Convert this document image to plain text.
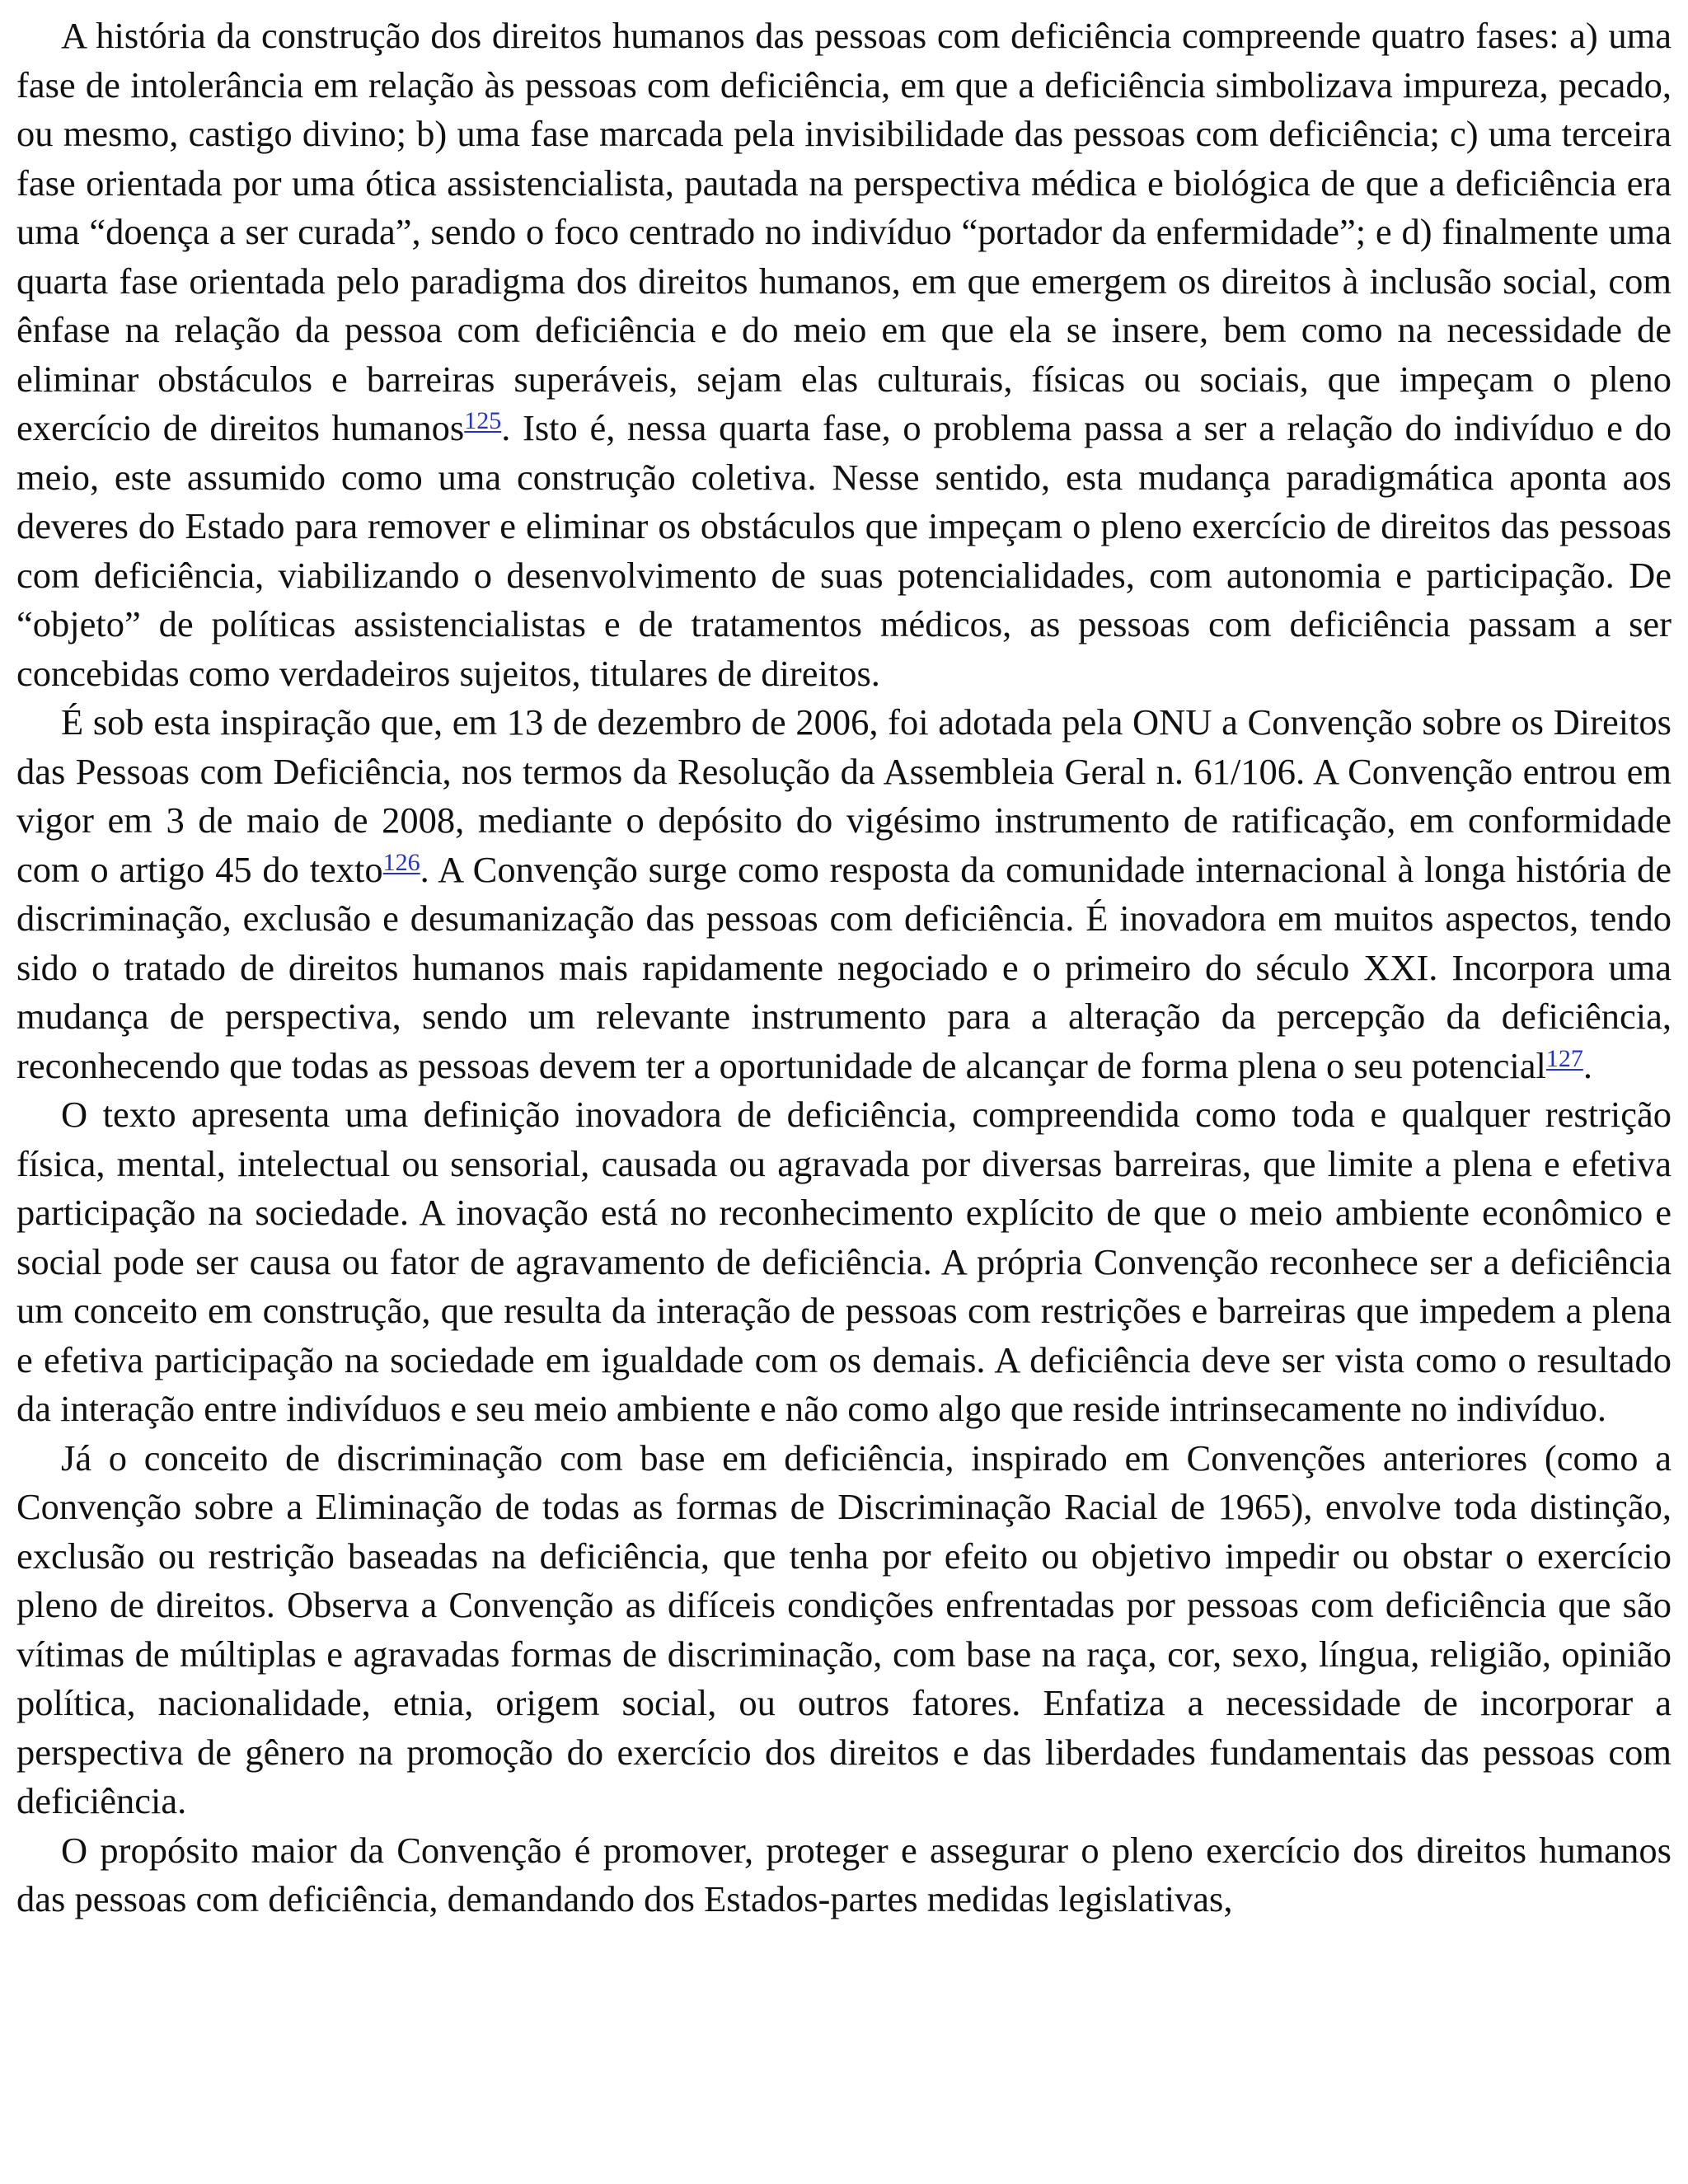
A história da construção dos direitos humanos das pessoas com deficiência compreende quatro fases: a) uma fase de intolerância em relação às pessoas com deficiência, em que a deficiência simbolizava impureza, pecado, ou mesmo, castigo divino; b) uma fase marcada pela invisibilidade das pessoas com deficiência; c) uma terceira fase orientada por uma ótica assistencialista, pautada na perspectiva médica e biológica de que a deficiência era uma “doença a ser curada”, sendo o foco centrado no indivíduo “portador da enfermidade”; e d) finalmente uma quarta fase orientada pelo paradigma dos direitos humanos, em que emergem os direitos à inclusão social, com ênfase na relação da pessoa com deficiência e do meio em que ela se insere, bem como na necessidade de eliminar obstáculos e barreiras superáveis, sejam elas culturais, físicas ou sociais, que impeçam o pleno exercício de direitos humanos$^{125}$. Isto é, nessa quarta fase, o problema passa a ser a relação do indivíduo e do meio, este assumido como uma construção coletiva. Nesse sentido, esta mudança paradigmática aponta aos deveres do Estado para remover e eliminar os obstáculos que impeçam o pleno exercício de direitos das pessoas com deficiência, viabilizando o desenvolvimento de suas potencialidades, com autonomia e participação. De “objeto” de políticas assistencialistas e de tratamentos médicos, as pessoas com deficiência passam a ser concebidas como verdadeiros sujeitos, titulares de direitos.

É sob esta inspiração que, em 13 de dezembro de 2006, foi adotada pela ONU a Convenção sobre os Direitos das Pessoas com Deficiência, nos termos da Resolução da Assembleia Geral n. 61/106. A Convenção entrou em vigor em 3 de maio de 2008, mediante o depósito do vigésimo instrumento de ratificação, em conformidade com o artigo 45 do texto$^{126}$. A Convenção surge como resposta da comunidade internacional à longa história de discriminação, exclusão e desumanização das pessoas com deficiência. É inovadora em muitos aspectos, tendo sido o tratado de direitos humanos mais rapidamente negociado e o primeiro do século XXI. Incorpora uma mudança de perspectiva, sendo um relevante instrumento para a alteração da percepção da deficiência, reconhecendo que todas as pessoas devem ter a oportunidade de alcançar de forma plena o seu potencial$^{127}$.

O texto apresenta uma definição inovadora de deficiência, compreendida como toda e qualquer restrição física, mental, intelectual ou sensorial, causada ou agravada por diversas barreiras, que limite a plena e efetiva participação na sociedade. A inovação está no reconhecimento explícito de que o meio ambiente econômico e social pode ser causa ou fator de agravamento de deficiência. A própria Convenção reconhece ser a deficiência um conceito em construção, que resulta da interação de pessoas com restrições e barreiras que impedem a plena e efetiva participação na sociedade em igualdade com os demais. A deficiência deve ser vista como o resultado da interação entre indivíduos e seu meio ambiente e não como algo que reside intrinsecamente no indivíduo.

Já o conceito de discriminação com base em deficiência, inspirado em Convenções anteriores (como a Convenção sobre a Eliminação de todas as formas de Discriminação Racial de 1965), envolve toda distinção, exclusão ou restrição baseadas na deficiência, que tenha por efeito ou objetivo impedir ou obstar o exercício pleno de direitos. Observa a Convenção as difíceis condições enfrentadas por pessoas com deficiência que são vítimas de múltiplas e agravadas formas de discriminação, com base na raça, cor, sexo, língua, religião, opinião política, nacionalidade, etnia, origem social, ou outros fatores. Enfatiza a necessidade de incorporar a perspectiva de gênero na promoção do exercício dos direitos e das liberdades fundamentais das pessoas com deficiência.

O propósito maior da Convenção é promover, proteger e assegurar o pleno exercício dos direitos humanos das pessoas com deficiência, demandando dos Estados-partes medidas legislativas,
